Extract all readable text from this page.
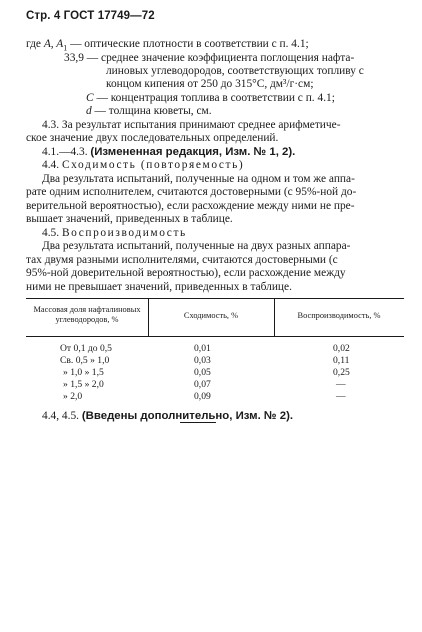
Стр. 4 ГОСТ 17749—72
где A, $A_1$ — оптические плотности в соответствии с п. 4.1;
33,9 — среднее значение коэффициента поглощения нафта-
линовых углеводородов, соответствующих топливу с
концом кипения от 250 до 315°С, дм³/г·см;
C — концентрация топлива в соответствии с п. 4.1;
d — толщина кюветы, см.
4.3. За результат испытания принимают среднее арифметиче-
ское значение двух последовательных определений.
4.1.—4.3. (Измененная редакция, Изм. № 1, 2).
4.4. Сходимость (повторяемость)
Два результата испытаний, полученные на одном и том же аппа-
рате одним исполнителем, считаются достоверными (с 95%-ной до-
верительной вероятностью), если расхождение между ними не пре-
вышает значений, приведенных в таблице.
4.5. Воспроизводимость
Два результата испытаний, полученные на двух разных аппара-
тах двумя разными исполнителями, считаются достоверными (с
95%-ной доверительной вероятностью), если расхождение между
ними не превышает значений, приведенных в таблице.
Массовая доля нафталиновых
углеводородов, %	Сходимость, %	Воспроизводимость, %
От 0,1 до 0,5	0,01	0,02
Св. 0,5 » 1,0	0,03	0,11
» 1,0 » 1,5	0,05	0,25
» 1,5 » 2,0	0,07	—
» 2,0	0,09	—
4.4, 4.5. (Введены дополнительно, Изм. № 2).
